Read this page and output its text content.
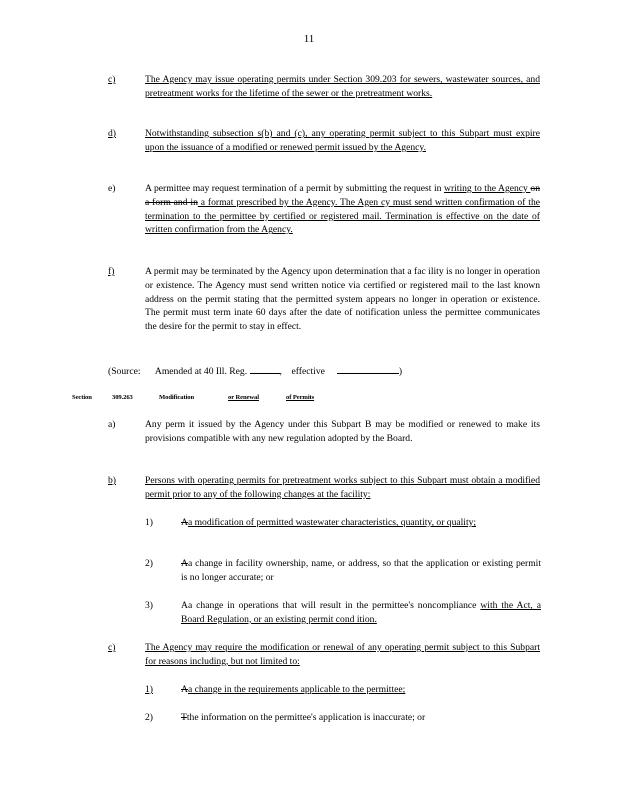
11
c)	The Agency may issue operating permits under Section 309.203 for sewers, wastewater sources, and pretreatment works for the lifetime of the sewer or the pretreatment works.
d)	Notwithstanding subsection s(b) and (c), any operating permit subject to this Subpart must expire upon the issuance of a modified or renewed permit issued by the Agency.
e)	A permittee may request termination of a permit by submitting the request in writing to the Agency on a form and in a format prescribed by the Agency. The Agen cy must send written confirmation of the termination to the permittee by certified or registered mail. Termination is effective on the date of written confirmation from the Agency.
f)	A permit may be terminated by the Agency upon determination that a fac ility is no longer in operation or existence. The Agency must send written notice via certified or registered mail to the last known address on the permit stating that the permitted system appears no longer in operation or existence. The permit must term inate 60 days after the date of notification unless the permittee communicates the desire for the permit to stay in effect.
(Source: Amended at 40 Ill. Reg.	, effective	)
Section	309.263	Modification	or Renewal	of Permits
a)	Any perm it issued by the Agency under this Subpart B may be modified or renewed to make its provisions compatible with any new regulation adopted by the Board.
b)	Persons with operating permits for pretreatment works subject to this Subpart must obtain a modified permit prior to any of the following changes at the facility:
1)	Aa modification of permitted wastewater characteristics, quantity, or quality;
2)	Aa change in facility ownership, name, or address, so that the application or existing permit is no longer accurate; or
3)	Aa change in operations that will result in the permittee's noncompliance with the Act, a Board Regulation, or an existing permit cond ition.
c)	The Agency may require the modification or renewal of any operating permit subject to this Subpart for reasons including, but not limited to:
1)	Aa change in the requirements applicable to the permittee;
2)	Tthe information on the permittee's application is inaccurate; or
